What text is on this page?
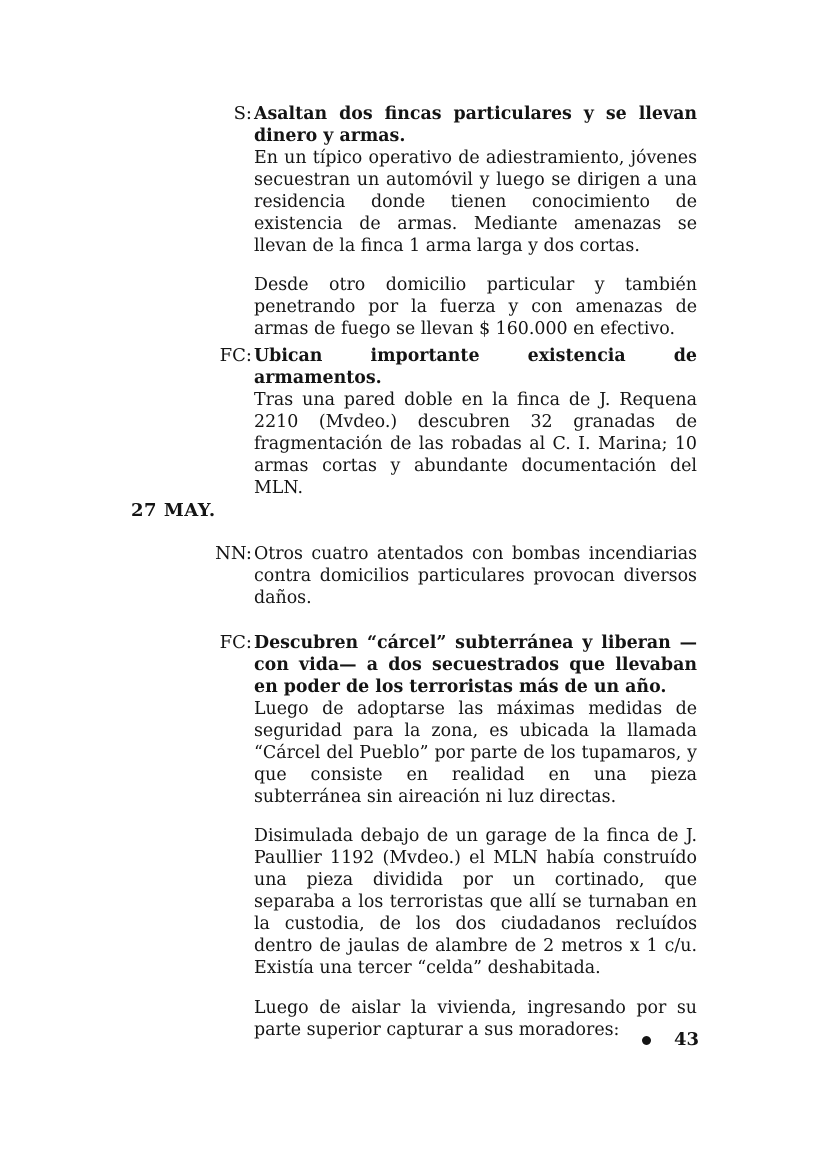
S: Asaltan dos fincas particulares y se llevan dinero y armas.

En un típico operativo de adiestramiento, jóvenes secuestran un automóvil y luego se dirigen a una residencia donde tienen conocimiento de existencia de armas. Mediante amenazas se llevan de la finca 1 arma larga y dos cortas.

Desde otro domicilio particular y también penetrando por la fuerza y con amenazas de armas de fuego se llevan $ 160.000 en efectivo.

FC: Ubican importante existencia de armamentos.

Tras una pared doble en la finca de J. Requena 2210 (Mvdeo.) descubren 32 granadas de fragmentación de las robadas al C. I. Marina; 10 armas cortas y abundante documentación del MLN.

27 MAY.
NN: Otros cuatro atentados con bombas incendiarias contra domicilios particulares provocan diversos daños.

FC: Descubren “cárcel” subterránea y liberan —con vida— a dos secuestrados que llevaban en poder de los terroristas más de un año.

Luego de adoptarse las máximas medidas de seguridad para la zona, es ubicada la llamada “Cárcel del Pueblo” por parte de los tupamaros, y que consiste en realidad en una pieza subterránea sin aireación ni luz directas.

Disimulada debajo de un garage de la finca de J. Paullier 1192 (Mvdeo.) el MLN había construído una pieza dividida por un cortinado, que separaba a los terroristas que allí se turnaban en la custodia, de los dos ciudadanos recluídos dentro de jaulas de alambre de 2 metros x 1 c/u. Existía una tercer “celda” deshabitada.

Luego de aislar la vivienda, ingresando por su parte superior capturar a sus moradores:	43
